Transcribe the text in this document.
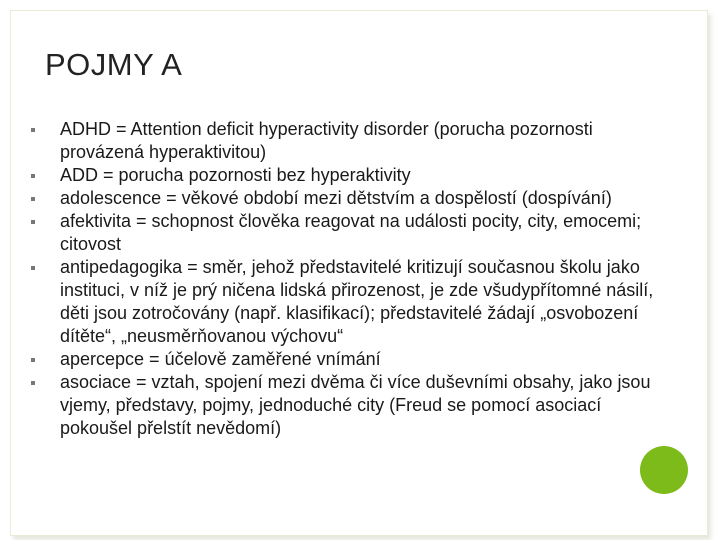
POJMY A
ADHD = Attention deficit hyperactivity disorder (porucha pozornosti provázená hyperaktivitou)
ADD = porucha pozornosti bez hyperaktivity
adolescence = věkové období mezi dětstvím a dospělostí (dospívání)
afektivita = schopnost člověka reagovat na události pocity, city, emocemi; citovost
antipedagogika = směr, jehož představitelé kritizují současnou školu jako instituci, v níž je prý ničena lidská přirozenost, je zde všudypřítomné násilí, děti jsou zotročovány (např. klasifikací); představitelé žádají „osvobození dítěte“, „neusměrňovanou výchovu“
apercepce = účelově zaměřené vnímání
asociace = vztah, spojení mezi dvěma či více duševními obsahy, jako jsou vjemy, představy, pojmy, jednoduché city (Freud se pomocí asociací pokoušel přelstít nevědomí)
